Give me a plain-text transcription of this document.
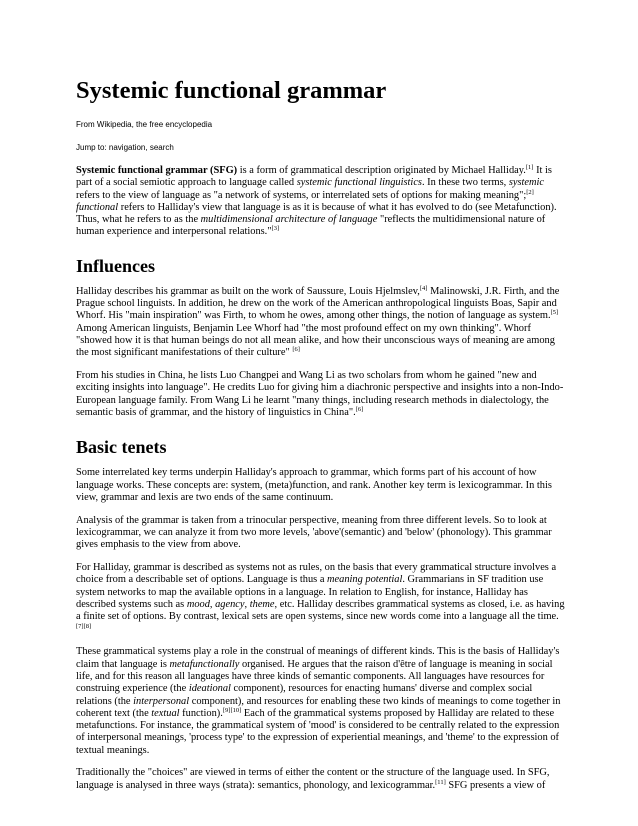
Systemic functional grammar
From Wikipedia, the free encyclopedia
Jump to: navigation, search

Systemic functional grammar (SFG) is a form of grammatical description originated by Michael Halliday.[1] It is part of a social semiotic approach to language called systemic functional linguistics. In these two terms, systemic refers to the view of language as "a network of systems, or interrelated sets of options for making meaning";[2] functional refers to Halliday's view that language is as it is because of what it has evolved to do (see Metafunction). Thus, what he refers to as the multidimensional architecture of language "reflects the multidimensional nature of human experience and interpersonal relations."[3]

Influences

Halliday describes his grammar as built on the work of Saussure, Louis Hjelmslev,[4] Malinowski, J.R. Firth, and the Prague school linguists. In addition, he drew on the work of the American anthropological linguists Boas, Sapir and Whorf. His "main inspiration" was Firth, to whom he owes, among other things, the notion of language as system.[5] Among American linguists, Benjamin Lee Whorf had "the most profound effect on my own thinking". Whorf "showed how it is that human beings do not all mean alike, and how their unconscious ways of meaning are among the most significant manifestations of their culture" [6]

From his studies in China, he lists Luo Changpei and Wang Li as two scholars from whom he gained "new and exciting insights into language". He credits Luo for giving him a diachronic perspective and insights into a non-Indo-European language family. From Wang Li he learnt "many things, including research methods in dialectology, the semantic basis of grammar, and the history of linguistics in China".[6]

Basic tenets

Some interrelated key terms underpin Halliday's approach to grammar, which forms part of his account of how language works. These concepts are: system, (meta)function, and rank. Another key term is lexicogrammar. In this view, grammar and lexis are two ends of the same continuum.

Analysis of the grammar is taken from a trinocular perspective, meaning from three different levels. So to look at lexicogrammar, we can analyze it from two more levels, 'above'(semantic) and 'below' (phonology). This grammar gives emphasis to the view from above.

For Halliday, grammar is described as systems not as rules, on the basis that every grammatical structure involves a choice from a describable set of options. Language is thus a meaning potential. Grammarians in SF tradition use system networks to map the available options in a language. In relation to English, for instance, Halliday has described systems such as mood, agency, theme, etc. Halliday describes grammatical systems as closed, i.e. as having a finite set of options. By contrast, lexical sets are open systems, since new words come into a language all the time.[7][8]

These grammatical systems play a role in the construal of meanings of different kinds. This is the basis of Halliday's claim that language is metafunctionally organised. He argues that the raison d'être of language is meaning in social life, and for this reason all languages have three kinds of semantic components. All languages have resources for construing experience (the ideational component), resources for enacting humans' diverse and complex social relations (the interpersonal component), and resources for enabling these two kinds of meanings to come together in coherent text (the textual function).[9][10] Each of the grammatical systems proposed by Halliday are related to these metafunctions. For instance, the grammatical system of 'mood' is considered to be centrally related to the expression of interpersonal meanings, 'process type' to the expression of experiential meanings, and 'theme' to the expression of textual meanings.

Traditionally the "choices" are viewed in terms of either the content or the structure of the language used. In SFG, language is analysed in three ways (strata): semantics, phonology, and lexicogrammar.[11] SFG presents a view of
